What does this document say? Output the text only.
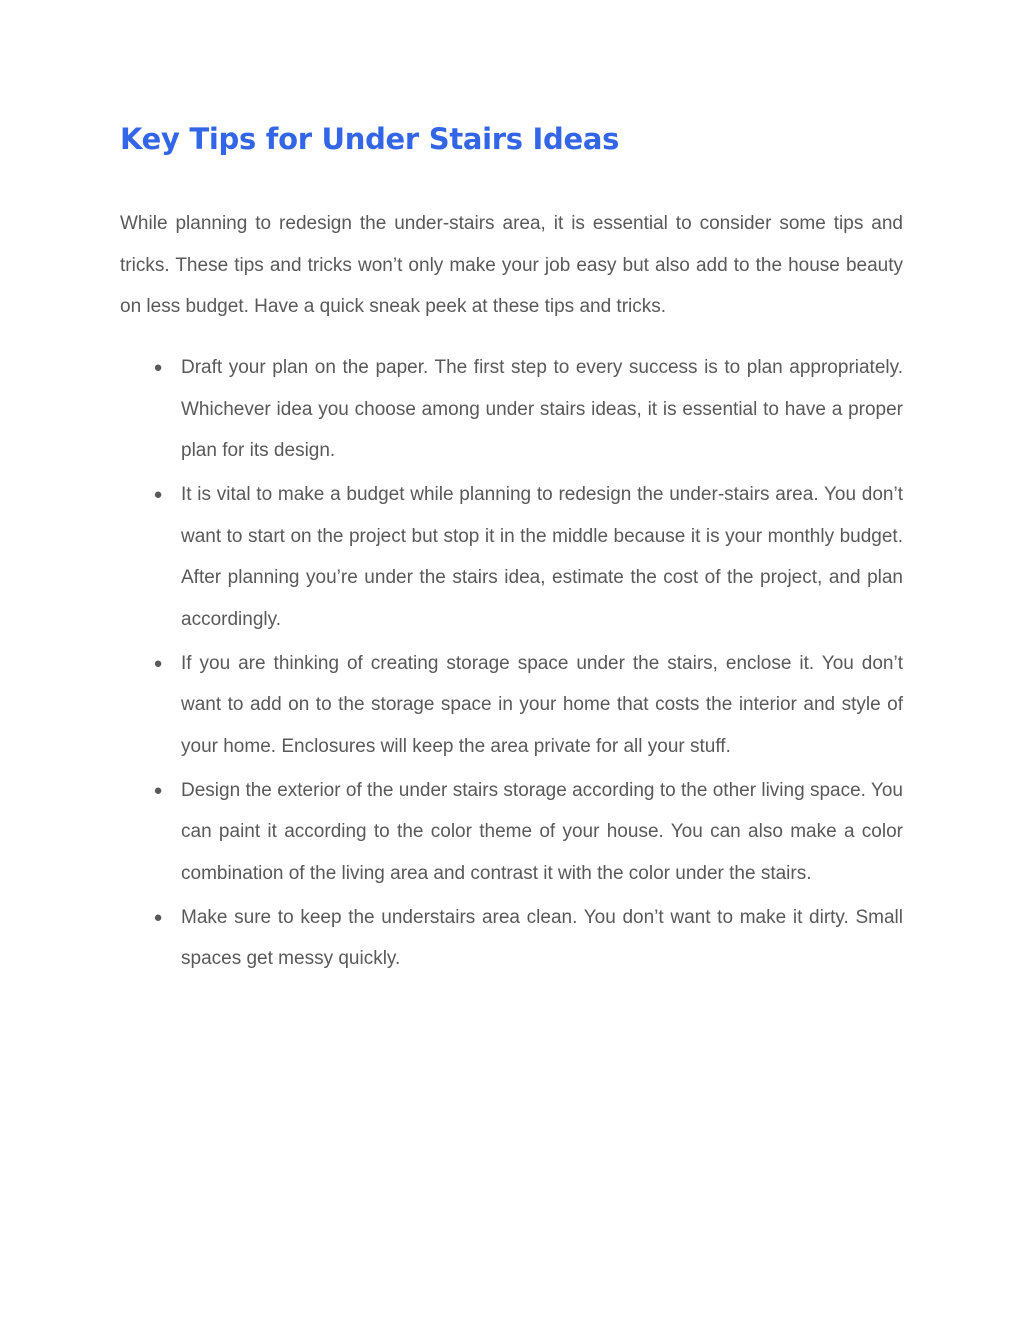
Key Tips for Under Stairs Ideas

While planning to redesign the under-stairs area, it is essential to consider some tips and tricks. These tips and tricks won’t only make your job easy but also add to the house beauty on less budget. Have a quick sneak peek at these tips and tricks.

● Draft your plan on the paper. The first step to every success is to plan appropriately. Whichever idea you choose among under stairs ideas, it is essential to have a proper plan for its design.
● It is vital to make a budget while planning to redesign the under-stairs area. You don’t want to start on the project but stop it in the middle because it is your monthly budget. After planning you’re under the stairs idea, estimate the cost of the project, and plan accordingly.
● If you are thinking of creating storage space under the stairs, enclose it. You don’t want to add on to the storage space in your home that costs the interior and style of your home. Enclosures will keep the area private for all your stuff.
● Design the exterior of the under stairs storage according to the other living space. You can paint it according to the color theme of your house. You can also make a color combination of the living area and contrast it with the color under the stairs.
● Make sure to keep the understairs area clean. You don’t want to make it dirty. Small spaces get messy quickly.
